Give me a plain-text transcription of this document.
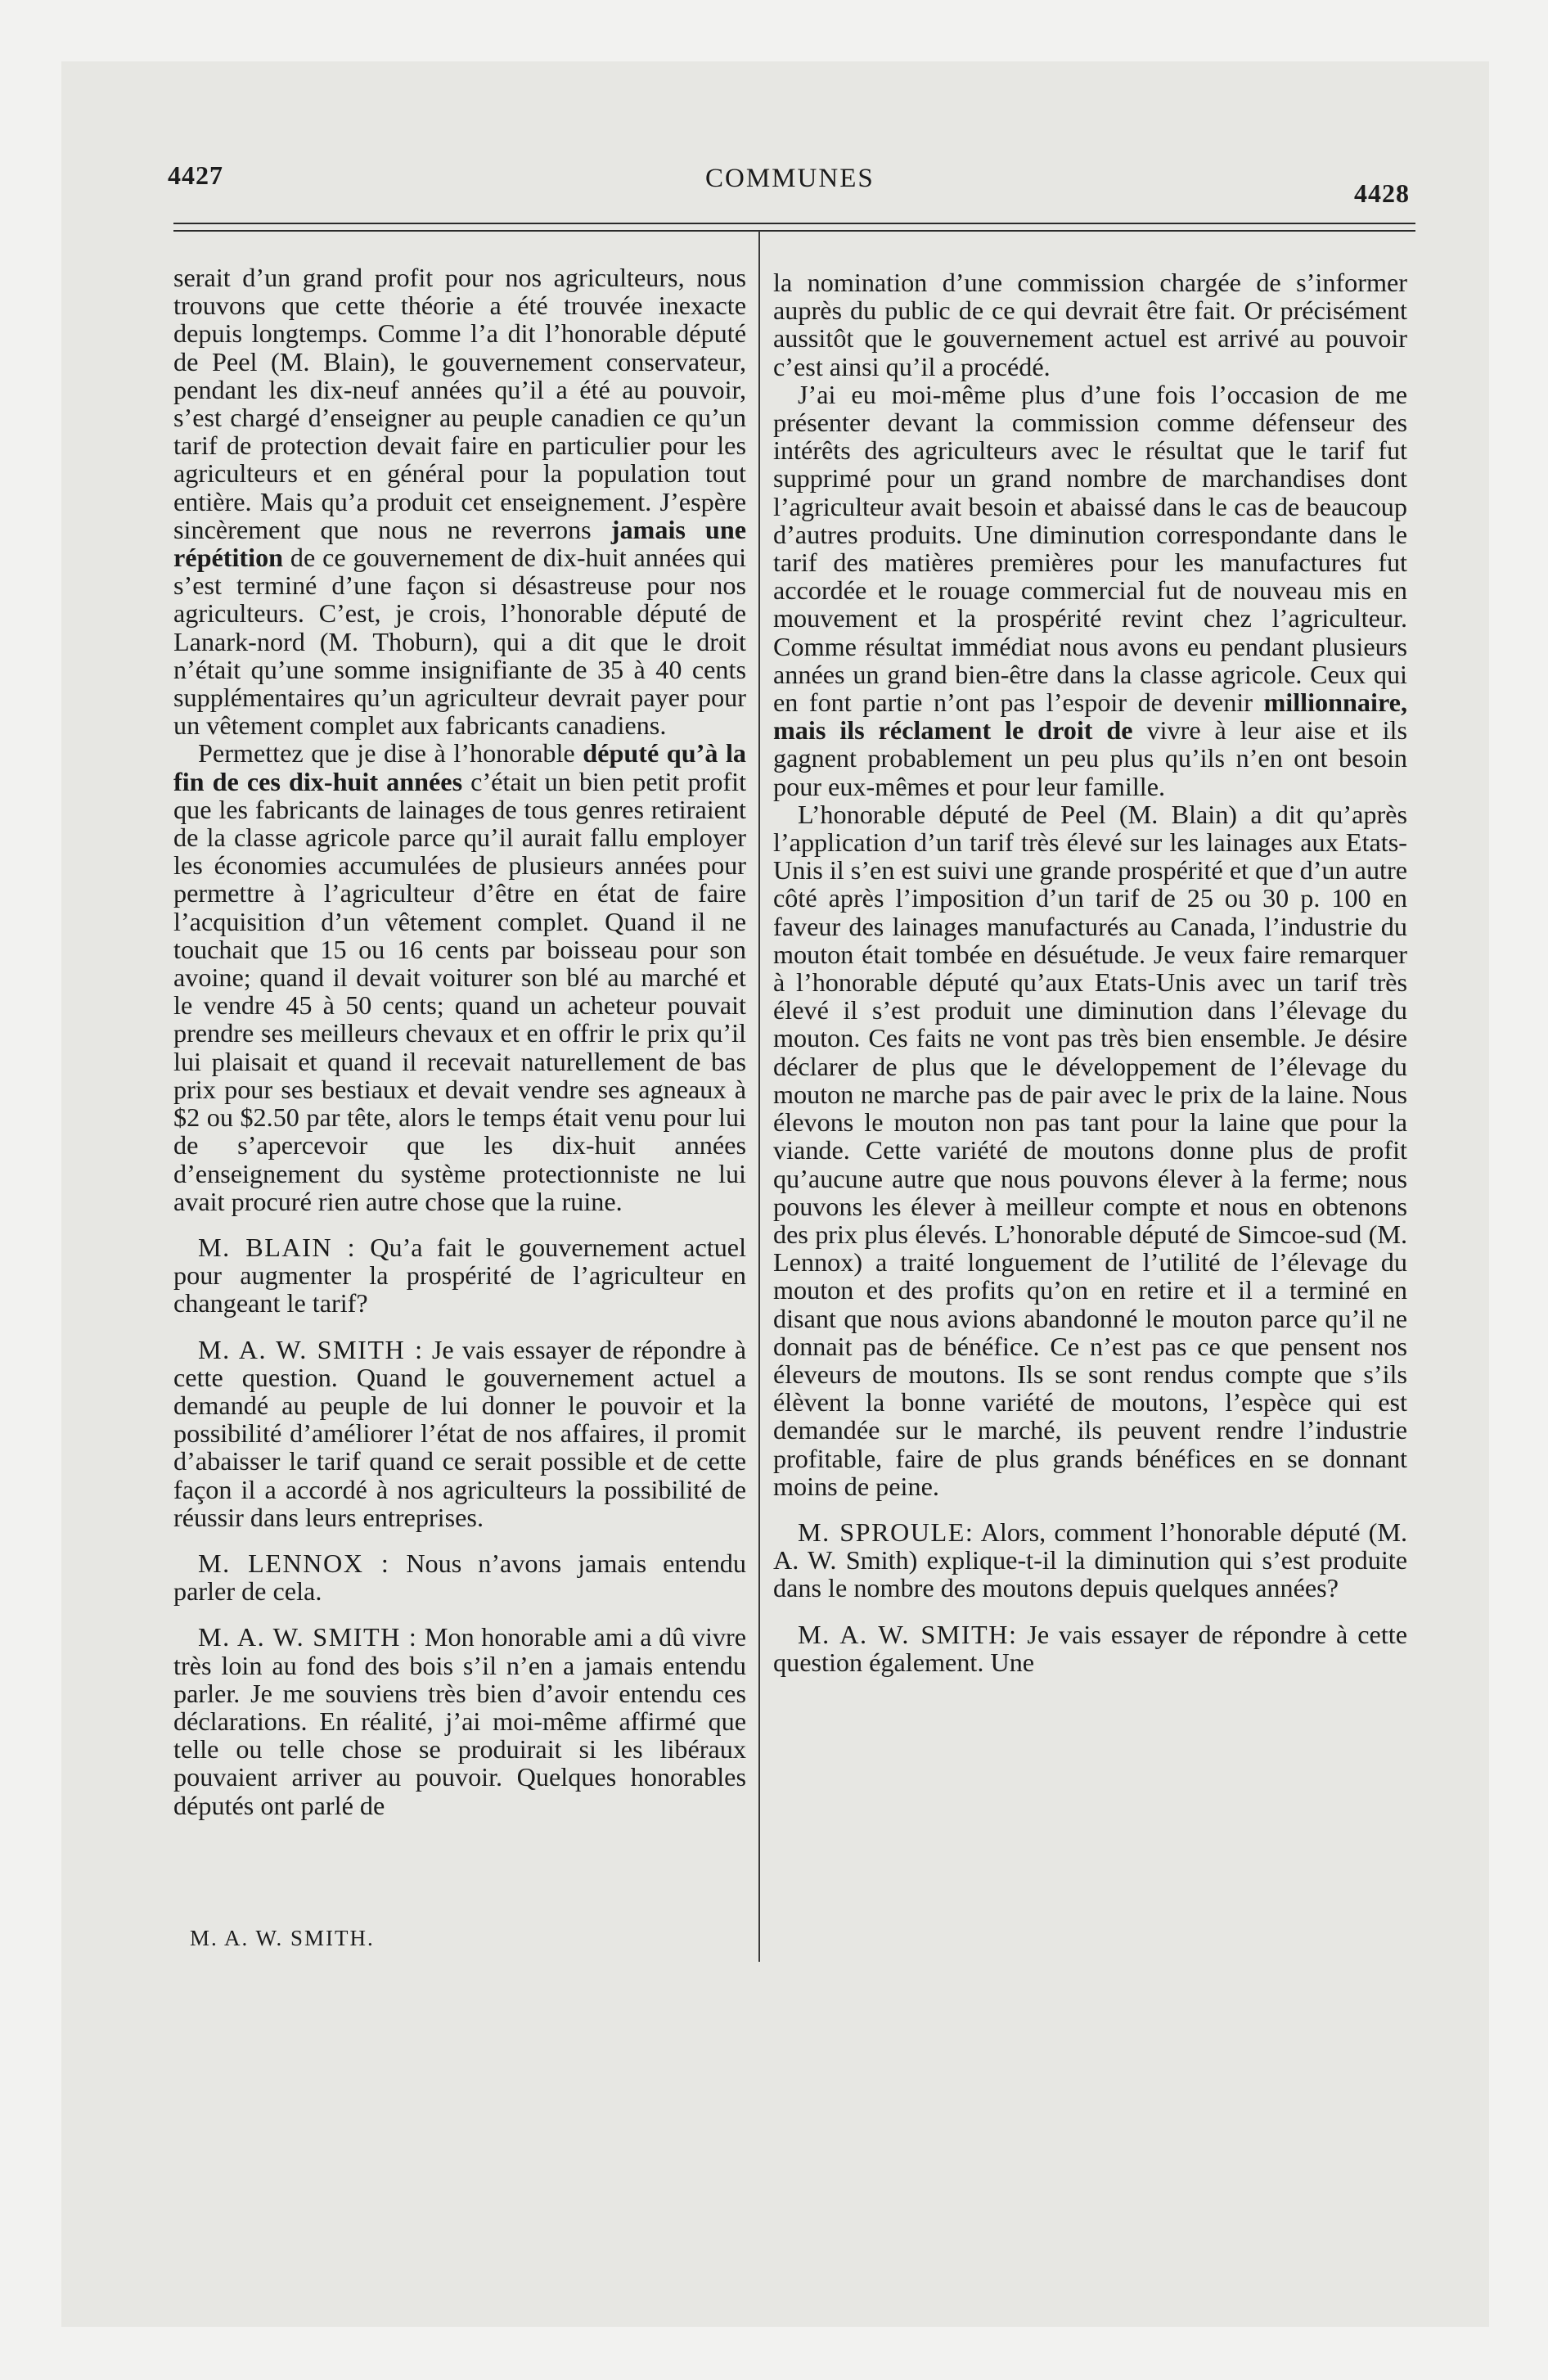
4427	COMMUNES	4428

serait d’un grand profit pour nos agriculteurs, nous trouvons que cette théorie a été trouvée inexacte depuis longtemps. Comme l’a dit l’honorable député de Peel (M. Blain), le gouvernement conservateur, pendant les dix-neuf années qu’il a été au pouvoir, s’est chargé d’enseigner au peuple canadien ce qu’un tarif de protection devait faire en particulier pour les agriculteurs et en général pour la population tout entière. Mais qu’a produit cet enseignement. J’espère sincèrement que nous ne reverrons jamais une répétition de ce gouvernement de dix-huit années qui s’est terminé d’une façon si désastreuse pour nos agriculteurs. C’est, je crois, l’honorable député de Lanark-nord (M. Thoburn), qui a dit que le droit n’était qu’une somme insignifiante de 35 à 40 cents supplémentaires qu’un agriculteur devrait payer pour un vêtement complet aux fabricants canadiens.

Permettez que je dise à l’honorable député qu’à la fin de ces dix-huit années c’était un bien petit profit que les fabricants de lainages de tous genres retiraient de la classe agricole parce qu’il aurait fallu employer les économies accumulées de plusieurs années pour permettre à l’agriculteur d’être en état de faire l’acquisition d’un vêtement complet. Quand il ne touchait que 15 ou 16 cents par boisseau pour son avoine; quand il devait voiturer son blé au marché et le vendre 45 à 50 cents; quand un acheteur pouvait prendre ses meilleurs chevaux et en offrir le prix qu’il lui plaisait et quand il recevait naturellement de bas prix pour ses bestiaux et devait vendre ses agneaux à $2 ou $2.50 par tête, alors le temps était venu pour lui de s’apercevoir que les dix-huit années d’enseignement du système protectionniste ne lui avait procuré rien autre chose que la ruine.

M. BLAIN : Qu’a fait le gouvernement actuel pour augmenter la prospérité de l’agriculteur en changeant le tarif?

M. A. W. SMITH : Je vais essayer de répondre à cette question. Quand le gouvernement actuel a demandé au peuple de lui donner le pouvoir et la possibilité d’améliorer l’état de nos affaires, il promit d’abaisser le tarif quand ce serait possible et de cette façon il a accordé à nos agriculteurs la possibilité de réussir dans leurs entreprises.

M. LENNOX : Nous n’avons jamais entendu parler de cela.

M. A. W. SMITH : Mon honorable ami a dû vivre très loin au fond des bois s’il n’en a jamais entendu parler. Je me souviens très bien d’avoir entendu ces déclarations. En réalité, j’ai moi-même affirmé que telle ou telle chose se produirait si les libéraux pouvaient arriver au pouvoir. Quelques honorables députés ont parlé de

la nomination d’une commission chargée de s’informer auprès du public de ce qui devrait être fait. Or précisément aussitôt que le gouvernement actuel est arrivé au pouvoir c’est ainsi qu’il a procédé.

J’ai eu moi-même plus d’une fois l’occasion de me présenter devant la commission comme défenseur des intérêts des agriculteurs avec le résultat que le tarif fut supprimé pour un grand nombre de marchandises dont l’agriculteur avait besoin et abaissé dans le cas de beaucoup d’autres produits. Une diminution correspondante dans le tarif des matières premières pour les manufactures fut accordée et le rouage commercial fut de nouveau mis en mouvement et la prospérité revint chez l’agriculteur. Comme résultat immédiat nous avons eu pendant plusieurs années un grand bien-être dans la classe agricole. Ceux qui en font partie n’ont pas l’espoir de devenir millionnaire, mais ils réclament le droit de vivre à leur aise et ils gagnent probablement un peu plus qu’ils n’en ont besoin pour eux-mêmes et pour leur famille.

L’honorable député de Peel (M. Blain) a dit qu’après l’application d’un tarif très élevé sur les lainages aux Etats-Unis il s’en est suivi une grande prospérité et que d’un autre côté après l’imposition d’un tarif de 25 ou 30 p. 100 en faveur des lainages manufacturés au Canada, l’industrie du mouton était tombée en désuétude. Je veux faire remarquer à l’honorable député qu’aux Etats-Unis avec un tarif très élevé il s’est produit une diminution dans l’élevage du mouton. Ces faits ne vont pas très bien ensemble. Je désire déclarer de plus que le développement de l’élevage du mouton ne marche pas de pair avec le prix de la laine. Nous élevons le mouton non pas tant pour la laine que pour la viande. Cette variété de moutons donne plus de profit qu’aucune autre que nous pouvons élever à la ferme; nous pouvons les élever à meilleur compte et nous en obtenons des prix plus élevés. L’honorable député de Simcoe-sud (M. Lennox) a traité longuement de l’utilité de l’élevage du mouton et des profits qu’on en retire et il a terminé en disant que nous avions abandonné le mouton parce qu’il ne donnait pas de bénéfice. Ce n’est pas ce que pensent nos éleveurs de moutons. Ils se sont rendus compte que s’ils élèvent la bonne variété de moutons, l’espèce qui est demandée sur le marché, ils peuvent rendre l’industrie profitable, faire de plus grands bénéfices en se donnant moins de peine.

M. SPROULE: Alors, comment l’honorable député (M. A. W. Smith) explique-t-il la diminution qui s’est produite dans le nombre des moutons depuis quelques années?

M. A. W. SMITH: Je vais essayer de répondre à cette question également. Une

M. A. W. SMITH.
